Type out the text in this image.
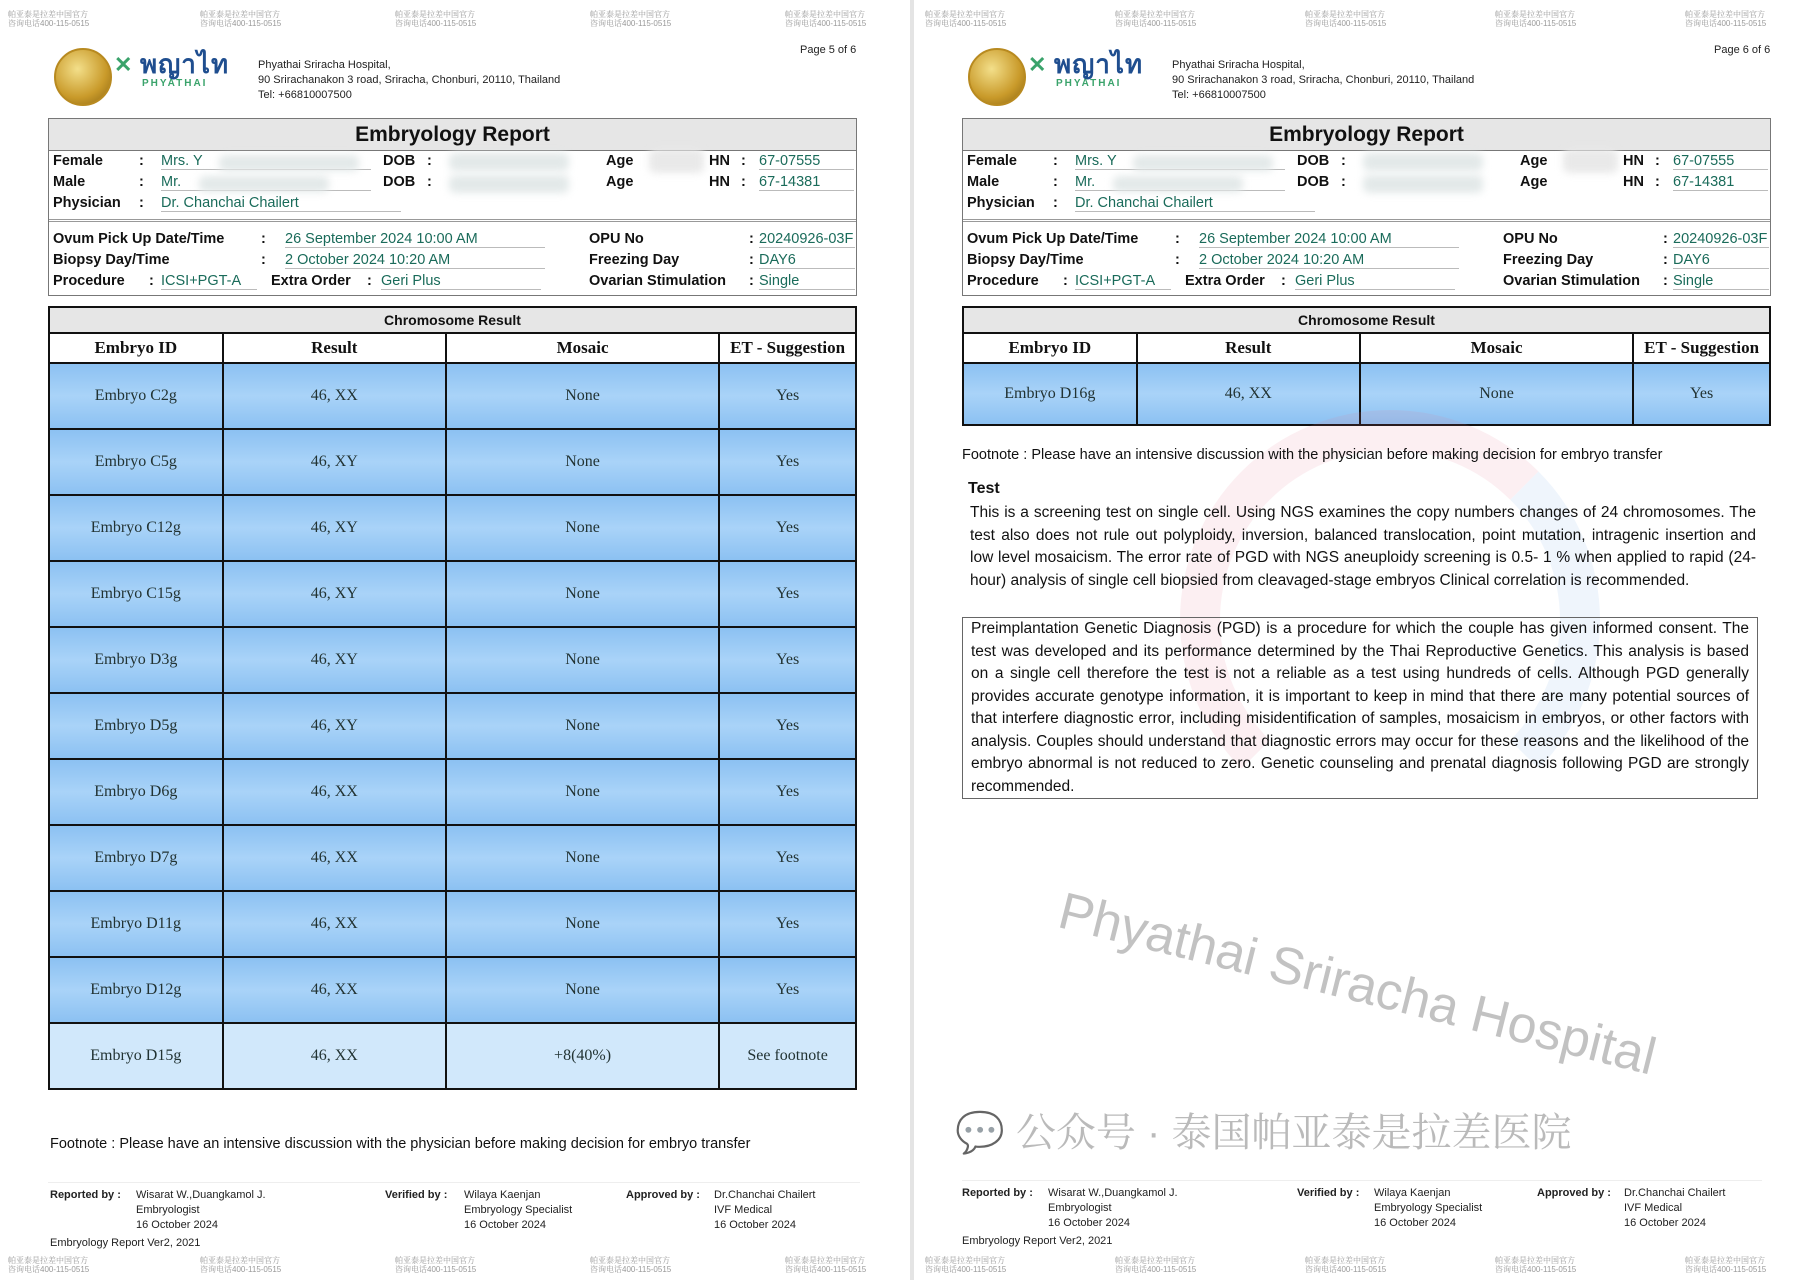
✕ พญาไท
PHYATHAI
Phyathai Sriracha Hospital,
90 Srirachanakon 3 road, Sriracha, Chonburi, 20110, Thailand
Tel: +66810007500
Page 5 of 6
Embryology Report
Female : Mrs. Y	DOB :	Age	HN : 67-07555
Male	: Mr.	DOB :	Age	HN : 67-14381
Physician : Dr. Chanchai Chailert
Ovum Pick Up Date/Time	: 26 September 2024 10:00 AM	OPU No	: 20240926-03F
Biopsy Day/Time	: 2 October 2024 10:20 AM	Freezing Day	: DAY6
Procedure : ICSI+PGT-A	Extra Order : Geri Plus	Ovarian Stimulation : Single
Chromosome Result			
Embryo ID	Result	Mosaic	ET - Suggestion
Embryo C2g	46, XX	None	Yes
Embryo C5g	46, XY	None	Yes
Embryo C12g	46, XY	None	Yes
Embryo C15g	46, XY	None	Yes
Embryo D3g	46, XY	None	Yes
Embryo D5g	46, XY	None	Yes
Embryo D6g	46, XX	None	Yes
Embryo D7g	46, XX	None	Yes
Embryo D11g	46, XX	None	Yes
Embryo D12g	46, XX	None	Yes
Embryo D15g	46, XX	+8(40%)	See footnote
✕ พญาไท
PHYATHAI
Phyathai Sriracha Hospital,
90 Srirachanakon 3 road, Sriracha, Chonburi, 20110, Thailand
Tel: +66810007500
Page 6 of 6
Embryology Report
Female : Mrs. Y	DOB :	Age	HN : 67-07555
Male	: Mr.	DOB :	Age	HN : 67-14381
Physician : Dr. Chanchai Chailert
Ovum Pick Up Date/Time	: 26 September 2024 10:00 AM	OPU No	: 20240926-03F
Biopsy Day/Time	: 2 October 2024 10:20 AM	Freezing Day	: DAY6
Procedure : ICSI+PGT-A	Extra Order : Geri Plus	Ovarian Stimulation : Single
Chromosome Result			
Embryo ID	Result	Mosaic	ET - Suggestion
Embryo D16g	46, XX	None	Yes
Footnote : Please have an intensive discussion with the physician before making decision for embryo transfer
Reported by : Wisarat W.,Duangkamol J.
Embryologist
16 October 2024
Verified by : Wilaya Kaenjan
Embryology Specialist
16 October 2024
Approved by : Dr.Chanchai Chailert
IVF Medical
16 October 2024
Embryology Report Ver2, 2021
Footnote : Please have an intensive discussion with the physician before making decision for embryo transfer
Test
This is a screening test on single cell. Using NGS examines the copy numbers changes of 24 chromosomes. The test also does not rule out polyploidy, inversion, balanced translocation, point mutation, intragenic insertion and low level mosaicism. The error rate of PGD with NGS aneuploidy screening is 0.5- 1 % when applied to rapid (24-hour) analysis of single cell biopsied from cleavaged-stage embryos Clinical correlation is recommended.
Preimplantation Genetic Diagnosis (PGD) is a procedure for which the couple has given informed consent. The test was developed and its performance determined by the Thai Reproductive Genetics. This analysis is based on a single cell therefore the test is not a reliable as a test using hundreds of cells. Although PGD generally provides accurate genotype information, it is important to keep in mind that there are many potential sources of that interfere diagnostic error, including misidentification of samples, mosaicism in embryos, or other factors with analysis. Couples should understand that diagnostic errors may occur for these reasons and the likelihood of the embryo abnormal is not reduced to zero. Genetic counseling and prenatal diagnosis following PGD are strongly recommended.
Phyathai Sriracha Hospital
Reported by : Wisarat W.,Duangkamol J.
Embryologist
16 October 2024
Verified by : Wilaya Kaenjan
Embryology Specialist
16 October 2024
Approved by : Dr.Chanchai Chailert
IVF Medical
16 October 2024
Embryology Report Ver2, 2021
💬 公众号 · 泰国帕亚泰是拉差医院
帕亚泰是拉差中国官方
咨询电话400-115-0515
帕亚泰是拉差中国官方
咨询电话400-115-0515
帕亚泰是拉差中国官方
咨询电话400-115-0515
帕亚泰是拉差中国官方
咨询电话400-115-0515
帕亚泰是拉差中国官方
咨询电话400-115-0515
帕亚泰是拉差中国官方
咨询电话400-115-0515
帕亚泰是拉差中国官方
咨询电话400-115-0515
帕亚泰是拉差中国官方
咨询电话400-115-0515
帕亚泰是拉差中国官方
咨询电话400-115-0515
帕亚泰是拉差中国官方
咨询电话400-115-0515
帕亚泰是拉差中国官方
咨询电话400-115-0515
帕亚泰是拉差中国官方
咨询电话400-115-0515
帕亚泰是拉差中国官方
咨询电话400-115-0515
帕亚泰是拉差中国官方
咨询电话400-115-0515
帕亚泰是拉差中国官方
咨询电话400-115-0515
帕亚泰是拉差中国官方
咨询电话400-115-0515
帕亚泰是拉差中国官方
咨询电话400-115-0515
帕亚泰是拉差中国官方
咨询电话400-115-0515
帕亚泰是拉差中国官方
咨询电话400-115-0515
帕亚泰是拉差中国官方
咨询电话400-115-0515
